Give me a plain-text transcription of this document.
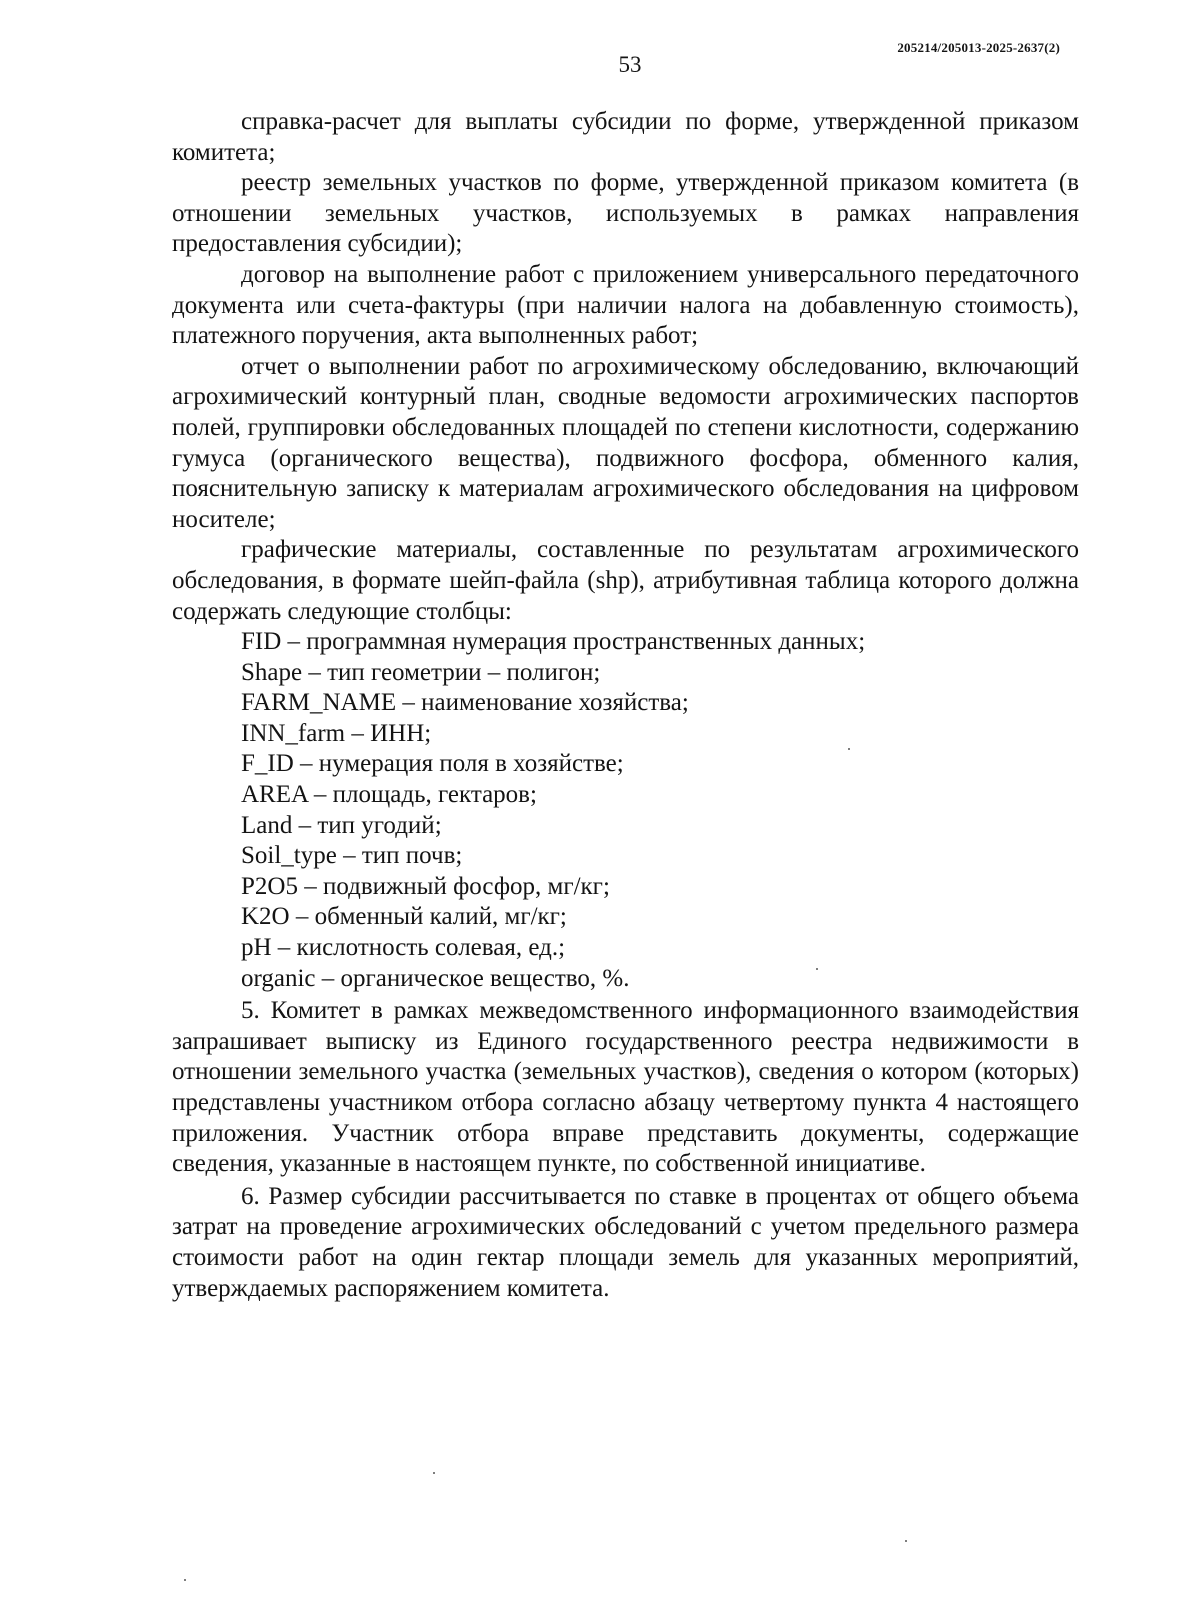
205214/205013-2025-2637(2)
53

справка-расчет для выплаты субсидии по форме, утвержденной приказом комитета;

реестр земельных участков по форме, утвержденной приказом комитета (в отношении земельных участков, используемых в рамках направления предоставления субсидии);

договор на выполнение работ с приложением универсального передаточного документа или счета-фактуры (при наличии налога на добавленную стоимость), платежного поручения, акта выполненных работ;

отчет о выполнении работ по агрохимическому обследованию, включающий агрохимический контурный план, сводные ведомости агрохимических паспортов полей, группировки обследованных площадей по степени кислотности, содержанию гумуса (органического вещества), подвижного фосфора, обменного калия, пояснительную записку к материалам агрохимического обследования на цифровом носителе;

графические материалы, составленные по результатам агрохимического обследования, в формате шейп-файла (shp), атрибутивная таблица которого должна содержать следующие столбцы:

FID – программная нумерация пространственных данных;

Shape – тип геометрии – полигон;

FARM_NAME – наименование хозяйства;

INN_farm – ИНН;

F_ID – нумерация поля в хозяйстве;

AREA – площадь, гектаров;

Land – тип угодий;

Soil_type – тип почв;

P2O5 – подвижный фосфор, мг/кг;

K2O – обменный калий, мг/кг;

pH – кислотность солевая, ед.;

organic – органическое вещество, %.

5. Комитет в рамках межведомственного информационного взаимодействия запрашивает выписку из Единого государственного реестра недвижимости в отношении земельного участка (земельных участков), сведения о котором (которых) представлены участником отбора согласно абзацу четвертому пункта 4 настоящего приложения. Участник отбора вправе представить документы, содержащие сведения, указанные в настоящем пункте, по собственной инициативе.

6. Размер субсидии рассчитывается по ставке в процентах от общего объема затрат на проведение агрохимических обследований с учетом предельного размера стоимости работ на один гектар площади земель для указанных мероприятий, утверждаемых распоряжением комитета.
